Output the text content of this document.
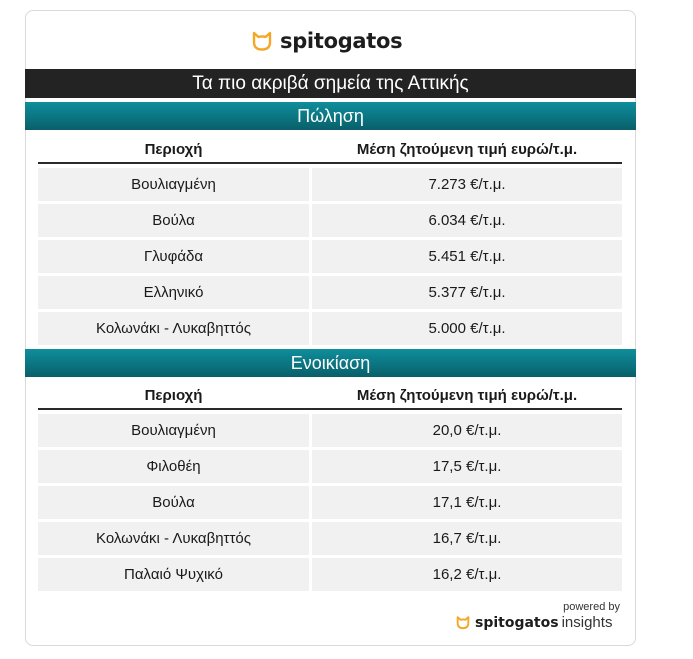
spitogatos
Τα πιο ακριβά σημεία της Αττικής
Πώληση
Περιοχή	Μέση ζητούμενη τιμή ευρώ/τ.μ.
Βουλιαγμένη	7.273 €/τ.μ.
Βούλα	6.034 €/τ.μ.
Γλυφάδα	5.451 €/τ.μ.
Ελληνικό	5.377 €/τ.μ.
Κολωνάκι - Λυκαβηττός	5.000 €/τ.μ.
Ενοικίαση
Περιοχή	Μέση ζητούμενη τιμή ευρώ/τ.μ.
Βουλιαγμένη	20,0 €/τ.μ.
Φιλοθέη	17,5 €/τ.μ.
Βούλα	17,1 €/τ.μ.
Κολωνάκι - Λυκαβηττός	16,7 €/τ.μ.
Παλαιό Ψυχικό	16,2 €/τ.μ.
powered by
spitogatos insights
